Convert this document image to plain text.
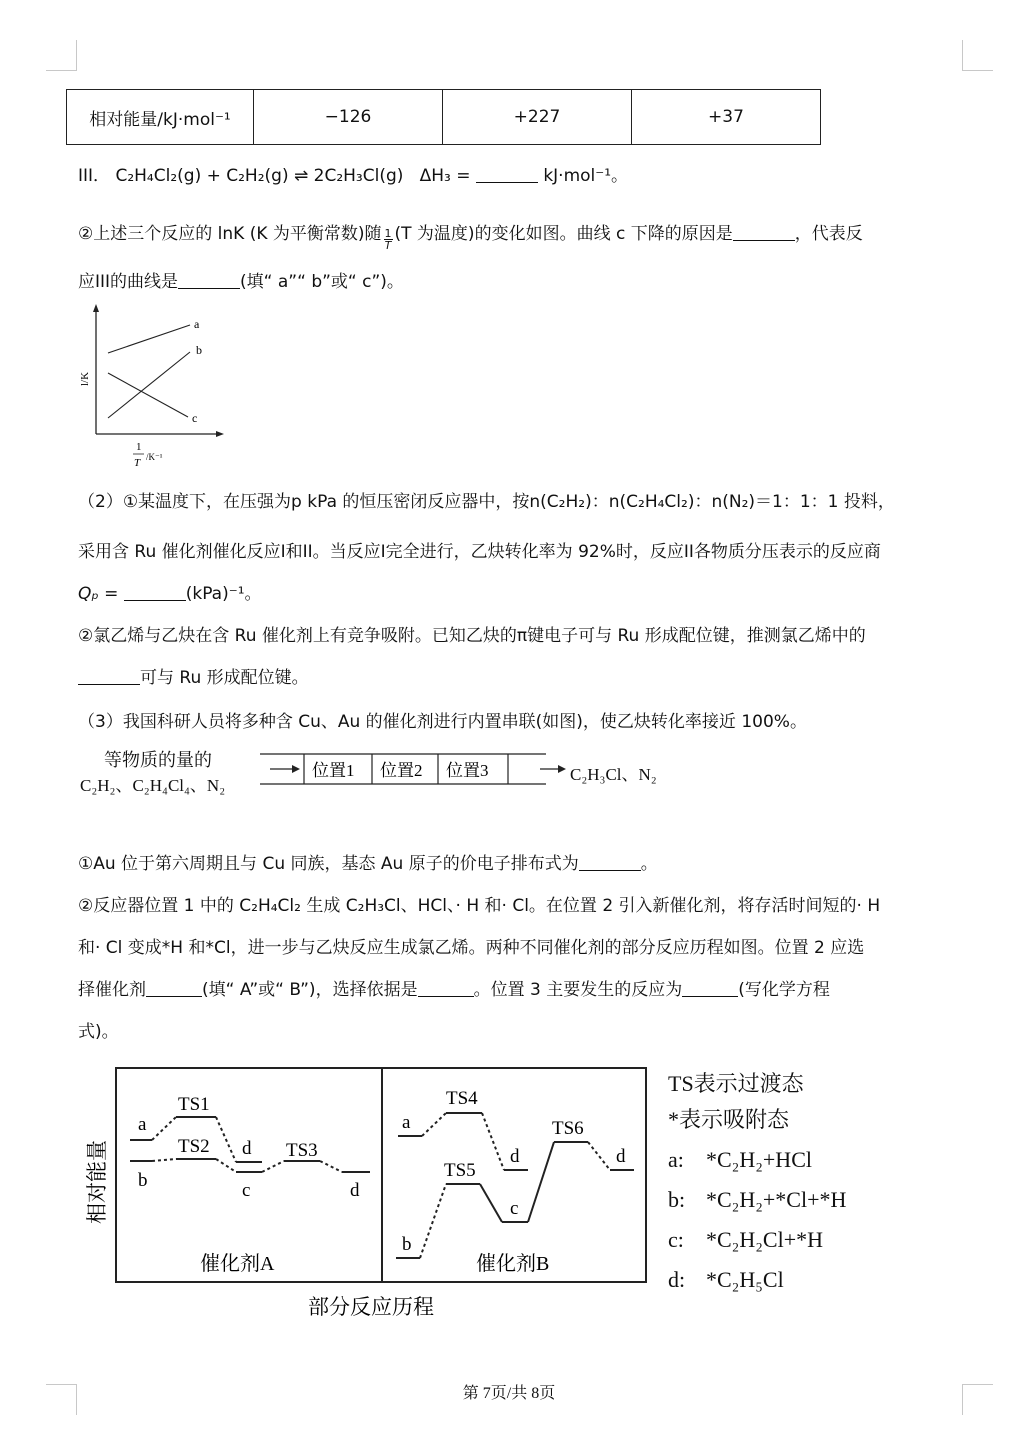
相对能量/kJ·mol⁻¹	−126	+227	+37
III． C₂H₄Cl₂(g) + C₂H₂(g) ⇌ 2C₂H₃Cl(g) ΔH₃ =	kJ·mol⁻¹。
②上述三个反应的 lnK (K 为平衡常数)随 $\frac{1}{T} (T$ 为温度)的变化如图。曲线 c 下降的原因是	，代表反
应III的曲线是	(填“ a”“ b”或“ c”)。
a
b
c
l/K
1
T /K⁻¹
（2）①某温度下，在压强为p kPa 的恒压密闭反应器中，按n(C₂H₂)：n(C₂H₄Cl₂)：n(N₂)＝1：1：1 投料，
采用含 Ru 催化剂催化反应I和II。当反应I完全进行，乙炔转化率为 92%时，反应II各物质分压表示的反应商
Qₚ =	(kPa)⁻¹。
②氯乙烯与乙炔在含 Ru 催化剂上有竞争吸附。已知乙炔的π键电子可与 Ru 形成配位键，推测氯乙烯中的
可与 Ru 形成配位键。
（3）我国科研人员将多种含 Cu、Au 的催化剂进行内置串联(如图)，使乙炔转化率接近 100%。
等物质的量的
C₂H₂、C₂H₄Cl₄、N₂
位置1 位置2 位置3	C₂H₃Cl、N₂
①Au 位于第六周期且与 Cu 同族，基态 Au 原子的价电子排布式为	。
②反应器位置 1 中的 C₂H₄Cl₂ 生成 C₂H₃Cl、HCl、· H 和· Cl。在位置 2 引入新催化剂，将存活时间短的· H
和· Cl 变成*H 和*Cl，进一步与乙炔反应生成氯乙烯。两种不同催化剂的部分反应历程如图。位置 2 应选
择催化剂	(填“ A”或“ B”)，选择依据是	。位置 3 主要发生的反应为	(写化学方程
式)。
相对能量
a
b
TS1
TS2 d
c
TS3
d
催化剂A
a
b
TS4
TS5
d
c
TS6
d
催化剂B
部分反应历程
TS表示过渡态
*表示吸附态
a: *C₂H₂+HCl
b: *C₂H₂+*Cl+*H
c: *C₂H₂Cl+*H
d: *C₂H₅Cl
第 7页/共 8页
